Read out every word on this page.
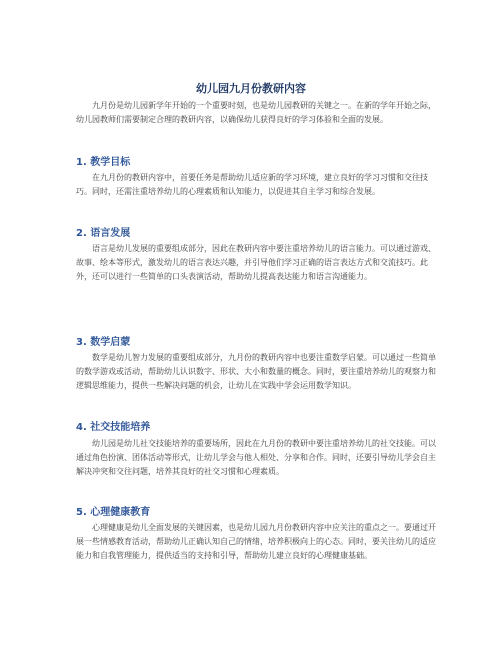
幼儿园九月份教研内容

九月份是幼儿园新学年开始的一个重要时刻，也是幼儿园教研的关键之一。在新的学年开始之际，幼儿园教师们需要制定合理的教研内容，以确保幼儿获得良好的学习体验和全面的发展。

1. 教学目标

在九月份的教研内容中，首要任务是帮助幼儿适应新的学习环境，建立良好的学习习惯和交往技巧。同时，还需注重培养幼儿的心理素质和认知能力，以促进其自主学习和综合发展。

2. 语言发展

语言是幼儿发展的重要组成部分，因此在教研内容中要注重培养幼儿的语言能力。可以通过游戏、故事、绘本等形式，激发幼儿的语言表达兴趣，并引导他们学习正确的语言表达方式和交流技巧。此外，还可以进行一些简单的口头表演活动，帮助幼儿提高表达能力和语言沟通能力。

3. 数学启蒙

数学是幼儿智力发展的重要组成部分，九月份的教研内容中也要注重数学启蒙。可以通过一些简单的数学游戏或活动，帮助幼儿认识数字、形状、大小和数量的概念。同时，要注重培养幼儿的观察力和逻辑思维能力，提供一些解决问题的机会，让幼儿在实践中学会运用数学知识。

4. 社交技能培养

幼儿园是幼儿社交技能培养的重要场所，因此在九月份的教研中要注重培养幼儿的社交技能。可以通过角色扮演、团体活动等形式，让幼儿学会与他人相处、分享和合作。同时，还要引导幼儿学会自主解决冲突和交往问题，培养其良好的社交习惯和心理素质。

5. 心理健康教育

心理健康是幼儿全面发展的关键因素，也是幼儿园九月份教研内容中应关注的重点之一。要通过开展一些情感教育活动，帮助幼儿正确认知自己的情绪，培养积极向上的心态。同时，要关注幼儿的适应能力和自我管理能力，提供适当的支持和引导，帮助幼儿建立良好的心理健康基础。
